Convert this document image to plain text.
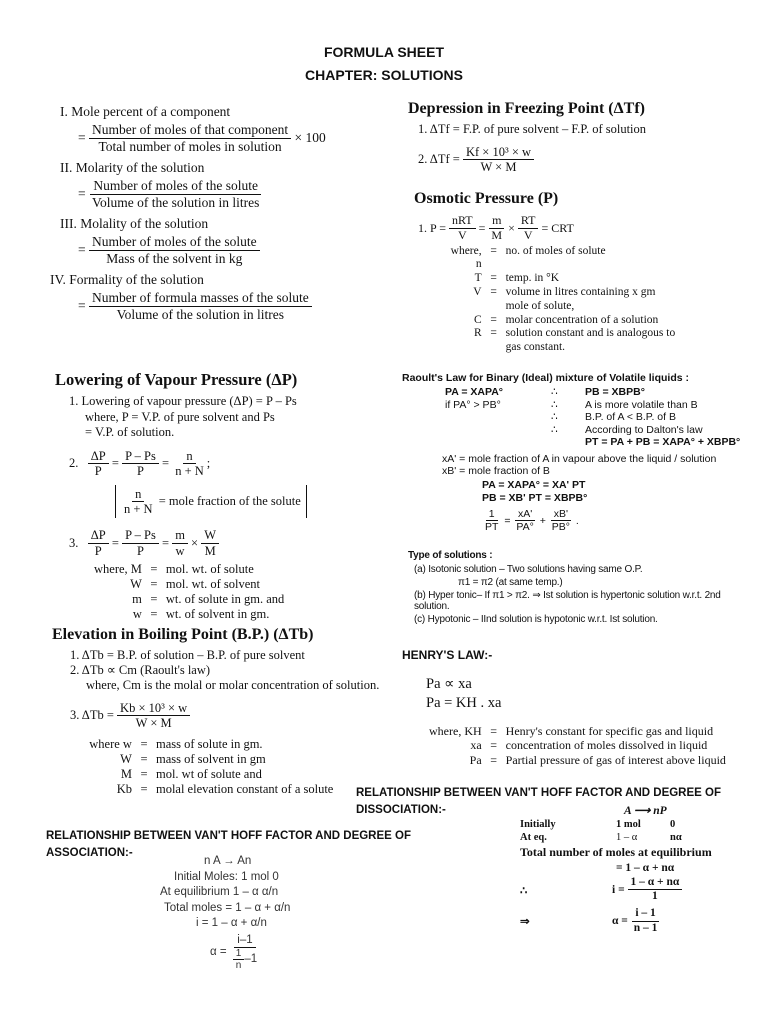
FORMULA SHEET
CHAPTER: SOLUTIONS
I. Mole percent of a component
= $\frac{\text{Number of moles of that component}}{\text{Total number of moles in solution}}$
× 100
II. Molarity of the solution
= $\frac{\text{Number of moles of the solute}}{\text{Volume of the solution in litres}}$
III. Molality of the solution
= $\frac{\text{Number of moles of the solute}}{\text{Mass of the solvent in kg}}$
IV. Formality of the solution
= $\frac{\text{Number of formula masses of the solute}}{\text{Volume of the solution in litres}}$
Depression in Freezing Point (ΔTf)
1. ΔTf = F.P. of pure solvent – F.P. of solution
2. ΔTf =
$\frac{\text{Kf × 10³ × w}}{W \times M}$
Osmotic Pressure (P)
1. P =
$\frac{\text{nRT}}{V} = \frac{m}{M} \times \frac{RT}{V}$
= CRT
where, n	=	no. of moles of solute
T	=	temp. in °K
V	=	volume in litres containing x gm mole of solute,
C	=	molar concentration of a solution
R	=	solution constant and is analogous to gas constant.
Lowering of Vapour Pressure (ΔP)
1. Lowering of vapour pressure (ΔP) = P – Ps
where, P = V.P. of pure solvent and Ps
= V.P. of solution.
2.
$\frac{\Delta P}{P} = \frac{P - Ps}{P} = \frac{n}{n + N}$ ;
$\frac{n}{n + N}$
= mole fraction of the solute
3.
$\frac{\Delta P}{P} = \frac{P - Ps}{P} = \frac{m}{w} \times \frac{W}{M}$
where, M	=	mol. wt. of solute
W	=	mol. wt. of solvent
m	=	wt. of solute in gm. and
w	=	wt. of solvent in gm.
Raoult's Law for Binary (Ideal) mixture of Volatile liquids :
PA = XAPA°	∴	PB = XBPB°
if PA° > PB°	∴	A is more volatile than B
	∴	B.P. of A < B.P. of B
	∴	According to Dalton's law
		PT = PA + PB = XAPA° + XBPB°
xA' = mole fraction of A in vapour above the liquid / solution
xB' = mole fraction of B
PA = XAPA° = XA' PT
PB = XB' PT = XBPB°
$\frac{1}{PT} = \frac{xA'}{PA^\circ} + \frac{xB'}{PB^\circ}$ .
Type of solutions :
(a) Isotonic solution – Two solutions having same O.P.
π1 = π2 (at same temp.)
(b) Hyper tonic– If π1 > π2. ⇒ Ist solution is hypertonic solution w.r.t. 2nd solution.
(c) Hypotonic – IInd solution is hypotonic w.r.t. Ist solution.
Elevation in Boiling Point (B.P.) (ΔTb)
1. ΔTb = B.P. of solution – B.P. of pure solvent
2. ΔTb ∝ Cm (Raoult's law)
where, Cm is the molal or molar concentration of solution.
3. ΔTb =
$\frac{\text{Kb × 10³ × w}}{W \times M}$
where w	=	mass of solute in gm.
W	=	mass of solvent in gm
M	=	mol. wt of solute and
Kb	=	molal elevation constant of a solute
HENRY'S LAW:-
Pa ∝ xa
Pa = KH . xa
where, KH	=	Henry's constant for specific gas and liquid
xa	=	concentration of moles dissolved in liquid
Pa	=	Partial pressure of gas of interest above liquid
RELATIONSHIP BETWEEN VAN'T HOFF FACTOR AND DEGREE OF DISSOCIATION:-	A ⟶ nP
Initially	1 mol	0
At eq.	1 – α	nα
Total number of moles at equilibrium
= 1 – α + nα
∴	i =
$\frac{1 - \alpha + n\alpha}{1}$
⇒	α =
$\frac{i - 1}{n - 1}$
RELATIONSHIP BETWEEN VAN'T HOFF FACTOR AND DEGREE OF ASSOCIATION:-
n A → An
Initial Moles: 1 mol 0
At equilibrium 1 – α α/n
Total moles = 1 – α + α/n
i = 1 – α + α/n
α =
$\frac{i-1}{\frac{1}{n} -1}$
